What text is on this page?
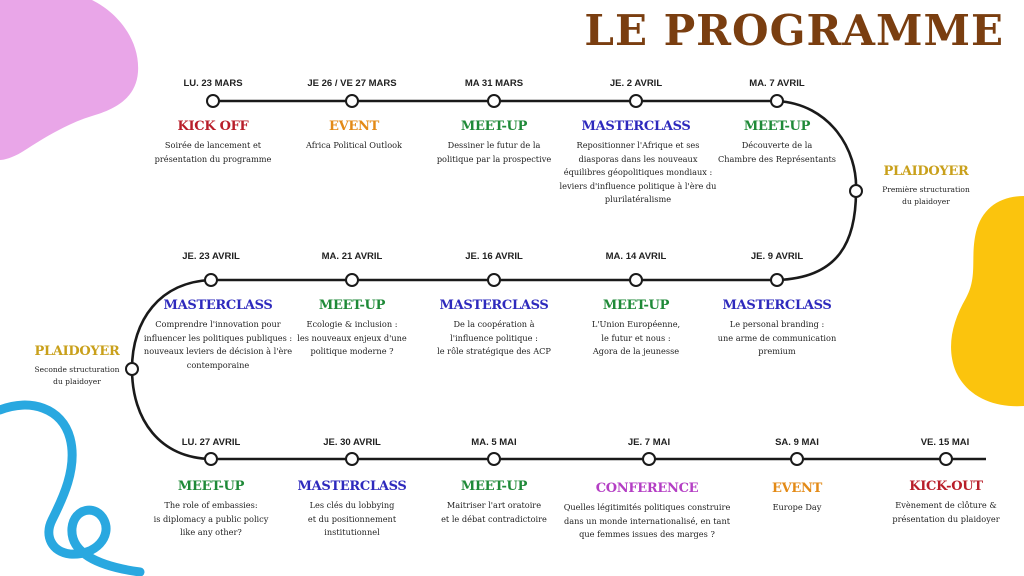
LE PROGRAMME
LU. 23 MARS
KICK OFF
Soirée de lancement et
présentation du programme
JE 26 / VE 27 MARS
EVENT
Africa Political Outlook
MA 31 MARS
MEET-UP
Dessiner le futur de la
politique par la prospective
JE. 2 AVRIL
MASTERCLASS
Repositionner l'Afrique et ses
diasporas dans les nouveaux
équilibres géopolitiques mondiaux :
leviers d'influence politique à l'ère du
plurilatéralisme
MA. 7 AVRIL
MEET-UP
Découverte de la
Chambre des Représentants
PLAIDOYER
Première structuration
du plaidoyer
JE. 23 AVRIL
MASTERCLASS
Comprendre l'innovation pour
influencer les politiques publiques :
nouveaux leviers de décision à l'ère
contemporaine
MA. 21 AVRIL
MEET-UP
Ecologie & inclusion :
les nouveaux enjeux d'une
politique moderne ?
JE. 16 AVRIL
MASTERCLASS
De la coopération à
l'influence politique :
le rôle stratégique des ACP
MA. 14 AVRIL
MEET-UP
L'Union Européenne,
le futur et nous :
Agora de la jeunesse
JE. 9 AVRIL
MASTERCLASS
Le personal branding :
une arme de communication
premium
PLAIDOYER
Seconde structuration
du plaidoyer
LU. 27 AVRIL
MEET-UP
The role of embassies:
is diplomacy a public policy
like any other?
JE. 30 AVRIL
MASTERCLASS
Les clés du lobbying
et du positionnement
institutionnel
MA. 5 MAI
MEET-UP
Maitriser l'art oratoire
et le débat contradictoire
JE. 7 MAI
CONFERENCE
Quelles légitimités politiques construire
dans un monde internationalisé, en tant
que femmes issues des marges ?
SA. 9 MAI
EVENT
Europe Day
VE. 15 MAI
KICK-OUT
Evènement de clôture &
présentation du plaidoyer
